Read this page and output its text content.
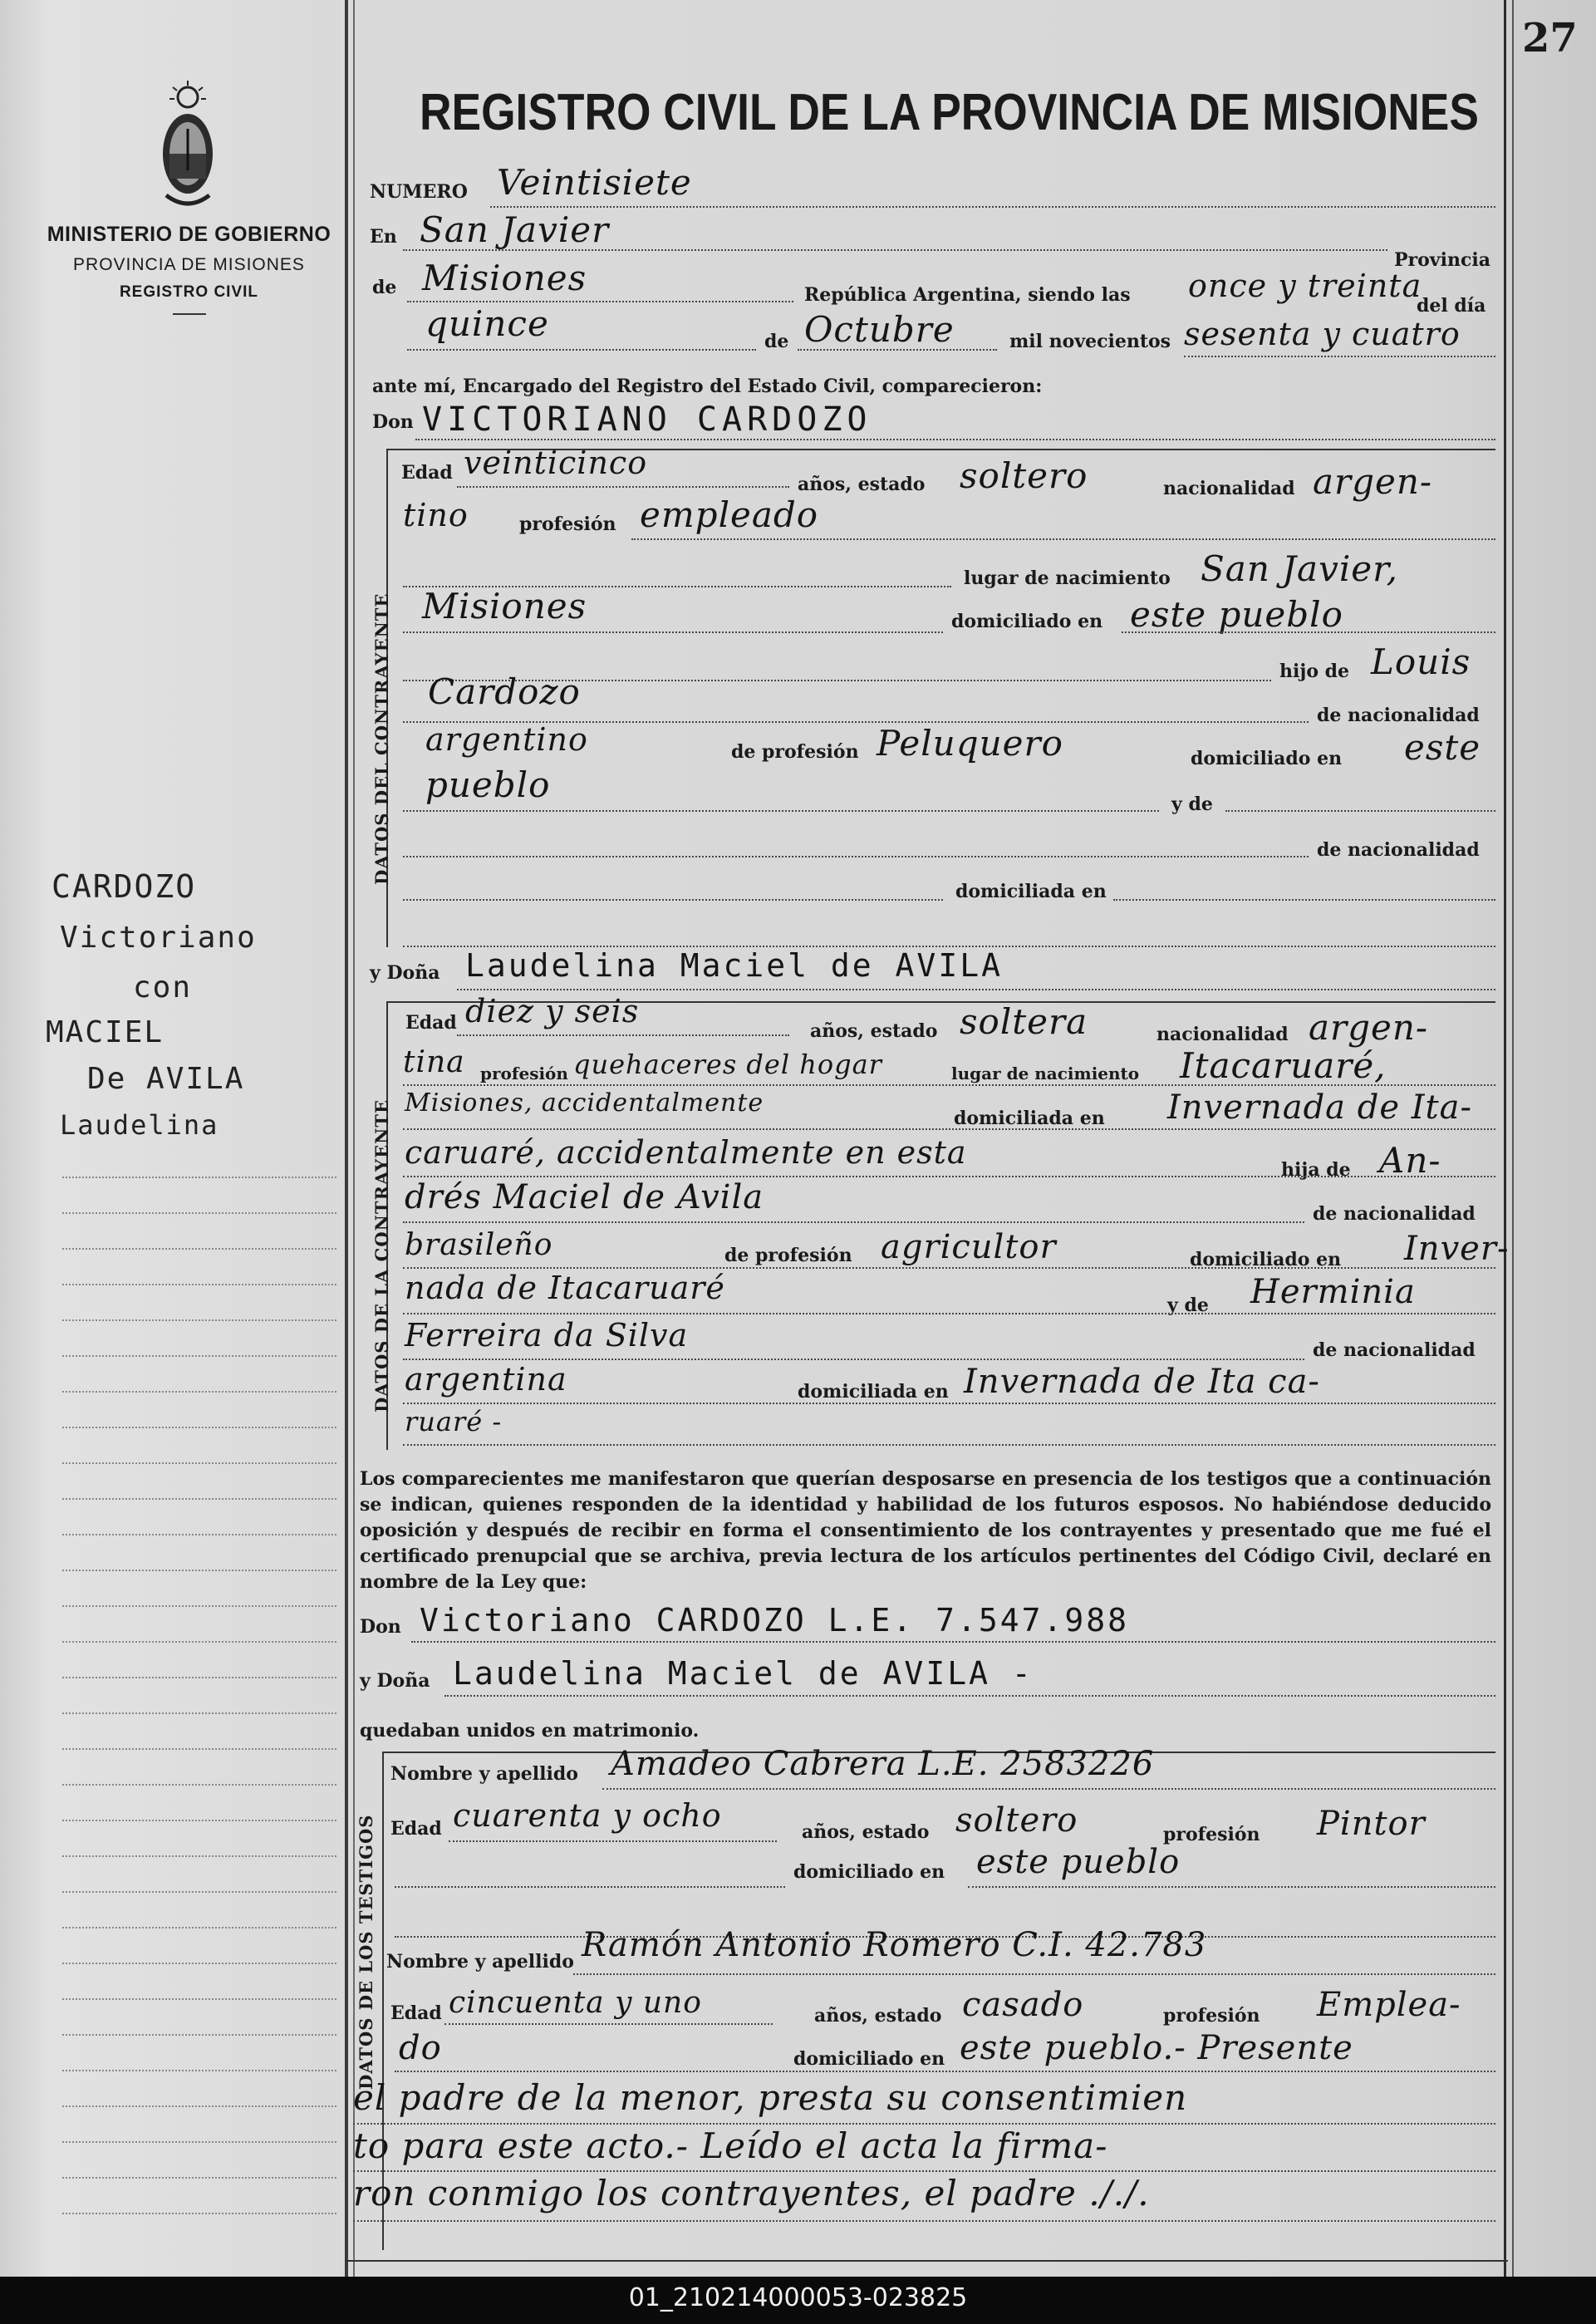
27
MINISTERIO DE GOBIERNO
PROVINCIA DE MISIONES
REGISTRO CIVIL
REGISTRO CIVIL DE LA PROVINCIA DE MISIONES
NUMERO Veintisiete
En San Javier
Provincia
de Misiones	República Argentina, siendo las once y treinta
del día
quince	de Octubre	mil novecientos sesenta y cuatro
ante mí, Encargado del Registro del Estado Civil, comparecieron:
Don VICTORIANO CARDOZO
DATOS DEL CONTRAYENTE
Edad veinticinco
años, estado soltero	nacionalidad argen-
tino	profesión empleado
lugar de nacimiento San Javier,
Misiones	domiciliado en este pueblo
hijo de Louis
Cardozo
de nacionalidad
argentino	de profesión Peluquero	domiciliado en este
pueblo	y de
de nacionalidad
domiciliada en
CARDOZO
Victoriano
con
MACIEL
De AVILA
Laudelina
y Doña Laudelina Maciel de AVILA
DATOS DE LA CONTRAYENTE
Edad diez y seis
años, estado soltera	nacionalidad argen-
tina profesión quehaceres del hogar	lugar de nacimiento Itacaruaré,
Misiones, accidentalmente
domiciliada en Invernada de Ita-
caruaré, accidentalmente en esta	hija de An-
drés Maciel de Avila	de nacionalidad
brasileño	de profesión agricultor	domiciliado en Inver-
nada de Itacaruaré	y de Herminia
Ferreira da Silva	de nacionalidad
argentina	domiciliada en Invernada de Ita ca-
ruaré -
Los comparecientes me manifestaron que querían desposarse en presencia de los testigos que a continuación se indican, quienes responden de la identidad y habilidad de los futuros esposos. No habiéndose deducido oposición y después de recibir en forma el consentimiento de los contrayentes y presentado que me fué el certificado prenupcial que se archiva, previa lectura de los artículos pertinentes del Código Civil, declaré en nombre de la Ley que:
Don Victoriano CARDOZO L.E. 7.547.988
y Doña Laudelina Maciel de AVILA -
quedaban unidos en matrimonio.
DATOS DE LOS TESTIGOS
Nombre y apellido Amadeo Cabrera L.E. 2583226
Edad cuarenta y ocho	años, estado soltero	profesión Pintor
domiciliado en este pueblo
Nombre y apellido Ramón Antonio Romero C.I. 42.783
Edad cincuenta y uno	años, estado casado	profesión Emplea-
do	domiciliado en este pueblo.- Presente
el padre de la menor, presta su consentimien
to para este acto.- Leído el acta la firma-
ron conmigo los contrayentes, el padre ././.
01_210214000053-023825
